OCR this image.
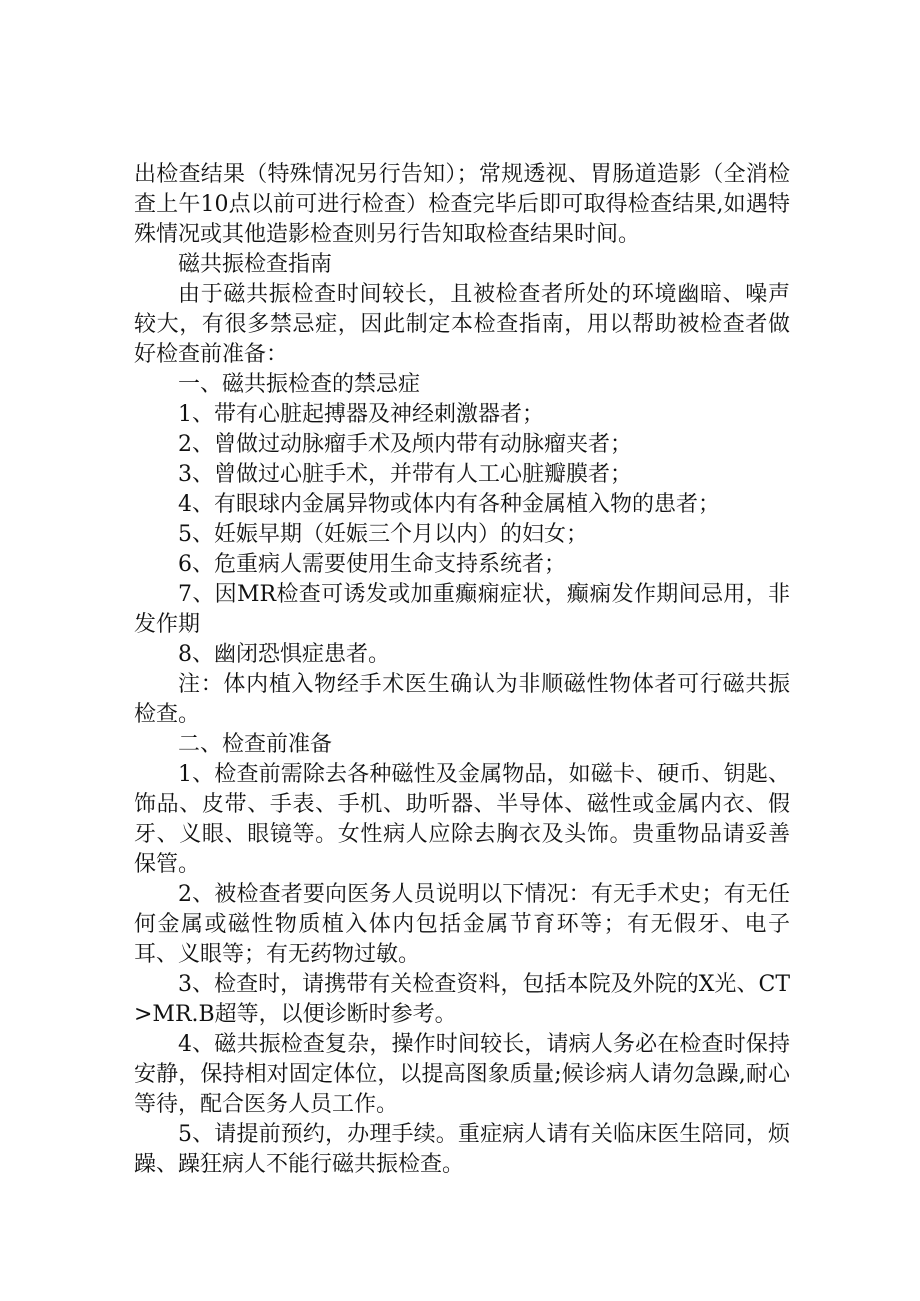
出检查结果（特殊情况另行告知）；常规透视、胃肠道造影（全消检查上午10点以前可进行检查）检查完毕后即可取得检查结果,如遇特殊情况或其他造影检查则另行告知取检查结果时间。

磁共振检查指南

由于磁共振检查时间较长，且被检查者所处的环境幽暗、噪声较大，有很多禁忌症，因此制定本检查指南，用以帮助被检查者做好检查前准备：

一、磁共振检查的禁忌症

1、带有心脏起搏器及神经刺激器者；

2、曾做过动脉瘤手术及颅内带有动脉瘤夹者；

3、曾做过心脏手术，并带有人工心脏瓣膜者；

4、有眼球内金属异物或体内有各种金属植入物的患者；

5、妊娠早期（妊娠三个月以内）的妇女；

6、危重病人需要使用生命支持系统者；

7、因MR检查可诱发或加重癫痫症状，癫痫发作期间忌用，非发作期

8、幽闭恐惧症患者。

注：体内植入物经手术医生确认为非顺磁性物体者可行磁共振检查。

二、检查前准备

1、检查前需除去各种磁性及金属物品，如磁卡、硬币、钥匙、饰品、皮带、手表、手机、助听器、半导体、磁性或金属内衣、假牙、义眼、眼镜等。女性病人应除去胸衣及头饰。贵重物品请妥善保管。

2、被检查者要向医务人员说明以下情况：有无手术史；有无任何金属或磁性物质植入体内包括金属节育环等；有无假牙、电子耳、义眼等；有无药物过敏。

3、检查时，请携带有关检查资料，包括本院及外院的X光、CT>MR.B超等，以便诊断时参考。

4、磁共振检查复杂，操作时间较长，请病人务必在检查时保持安静，保持相对固定体位，以提高图象质量;候诊病人请勿急躁,耐心等待，配合医务人员工作。

5、请提前预约，办理手续。重症病人请有关临床医生陪同，烦躁、躁狂病人不能行磁共振检查。
